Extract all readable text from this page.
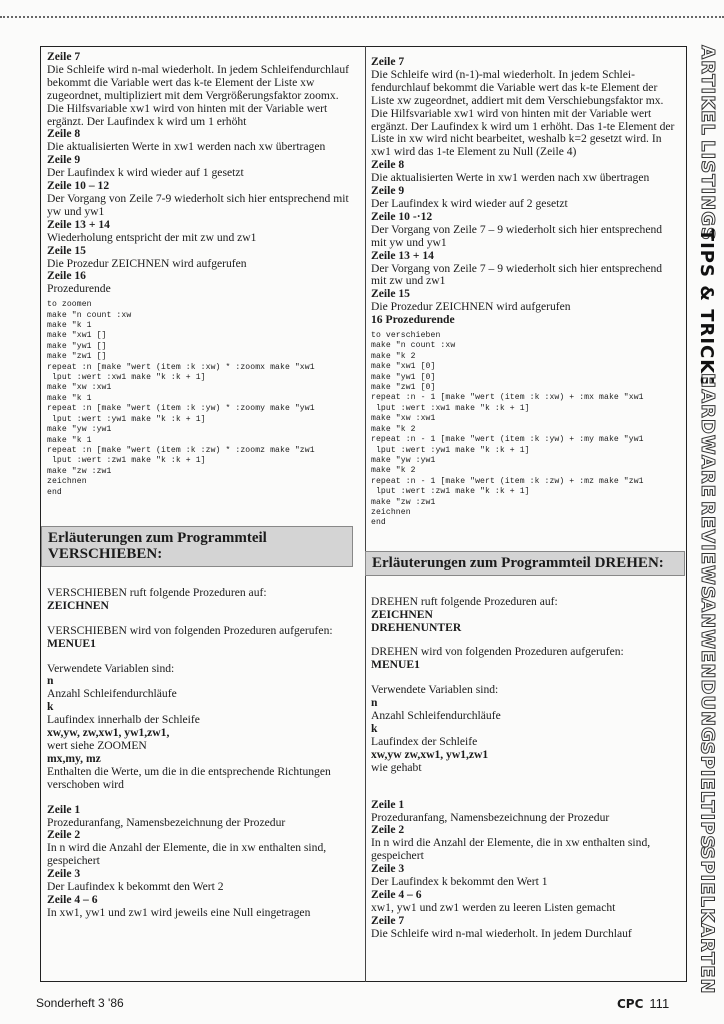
Zeile 7

Die Schleife wird n-mal wiederholt. In jedem Schleifendurchlauf bekommt die Variable wert das k-te Element der Liste xw zugeordnet, multipliziert mit dem Vergrößerungsfaktor zoomx. Die Hilfsvariable xw1 wird von hinten mit der Variable wert ergänzt. Der Laufindex k wird um 1 erhöht

Zeile 8

Die aktualisierten Werte in xw1 werden nach xw übertragen

Zeile 9

Der Laufindex k wird wieder auf 1 gesetzt

Zeile 10 – 12

Der Vorgang von Zeile 7-9 wiederholt sich hier entsprechend mit yw und yw1

Zeile 13 + 14

Wiederholung entspricht der mit zw und zw1

Zeile 15

Die Prozedur ZEICHNEN wird aufgerufen

Zeile 16

Prozedurende

to zoomen
make "n count :xw
make "k 1
make "xw1 []
make "yw1 []
make "zw1 []
repeat :n [make "wert (item :k :xw) * :zoomx make "xw1
lput :wert :xw1 make "k :k + 1]
make "xw :xw1
make "k 1
repeat :n [make "wert (item :k :yw) * :zoomy make "yw1
lput :wert :yw1 make "k :k + 1]
make "yw :yw1
make "k 1
repeat :n [make "wert (item :k :zw) * :zoomz make "zw1
lput :wert :zw1 make "k :k + 1]
make "zw :zw1
zeichnen
end
Erläuterungen zum Programmteil
VERSCHIEBEN:

VERSCHIEBEN ruft folgende Prozeduren auf:

ZEICHNEN

VERSCHIEBEN wird von folgenden Prozeduren aufgerufen:

MENUE1

Verwendete Variablen sind:

n

Anzahl Schleifendurchläufe

k

Laufindex innerhalb der Schleife

xw,yw, zw,xw1, yw1,zw1,

wert siehe ZOOMEN

mx,my, mz

Enthalten die Werte, um die in die entsprechende Richtungen verschoben wird

Zeile 1

Prozeduranfang, Namensbezeichnung der Prozedur

Zeile 2

In n wird die Anzahl der Elemente, die in xw enthalten sind, gespeichert

Zeile 3

Der Laufindex k bekommt den Wert 2

Zeile 4 – 6

In xw1, yw1 und zw1 wird jeweils eine Null eingetragen

Zeile 7

Die Schleife wird (n-1)-mal wiederholt. In jedem Schleifendurchlauf bekommt die Variable wert das k-te Element der Liste xw zugeordnet, addiert mit dem Verschiebungsfaktor mx. Die Hilfsvariable xw1 wird von hinten mit der Variable wert ergänzt. Der Laufindex k wird um 1 erhöht. Das 1-te Element der Liste in xw wird nicht bearbeitet, weshalb k=2 gesetzt wird. In xw1 wird das 1-te Element zu Null (Zeile 4)

Zeile 8

Die aktualisierten Werte in xw1 werden nach xw übertragen

Zeile 9

Der Laufindex k wird wieder auf 2 gesetzt

Zeile 10 -·12

Der Vorgang von Zeile 7 – 9 wiederholt sich hier entsprechend mit yw und yw1

Zeile 13 + 14

Der Vorgang von Zeile 7 – 9 wiederholt sich hier entsprechend mit zw und zw1

Zeile 15

Die Prozedur ZEICHNEN wird aufgerufen

16 Prozedurende

to verschieben
make "n count :xw
make "k 2
make "xw1 [0]
make "yw1 [0]
make "zw1 [0]
repeat :n - 1 [make "wert (item :k :xw) + :mx make "xw1
lput :wert :xw1 make "k :k + 1]
make "xw :xw1
make "k 2
repeat :n - 1 [make "wert (item :k :yw) + :my make "yw1
lput :wert :yw1 make "k :k + 1]
make "yw :yw1
make "k 2
repeat :n - 1 [make "wert (item :k :zw) + :mz make "zw1
lput :wert :zw1 make "k :k + 1]
make "zw :zw1
zeichnen
end
Erläuterungen zum Programmteil DREHEN:

DREHEN ruft folgende Prozeduren auf:

ZEICHNEN

DREHENUNTER

DREHEN wird von folgenden Prozeduren aufgerufen:

MENUE1

Verwendete Variablen sind:

n

Anzahl Schleifendurchläufe

k

Laufindex der Schleife

xw,yw zw,xw1, yw1,zw1

wie gehabt

Zeile 1

Prozeduranfang, Namensbezeichnung der Prozedur

Zeile 2

In n wird die Anzahl der Elemente, die in xw enthalten sind, gespeichert

Zeile 3

Der Laufindex k bekommt den Wert 1

Zeile 4 – 6

xw1, yw1 und zw1 werden zu leeren Listen gemacht

Zeile 7

Die Schleife wird n-mal wiederholt. In jedem Durchlauf

ARTIKEL
LISTINGS
TIPS & TRICKS
HARDWARE
REVIEWS
ANWENDUNG
SPIELTIPS
SPIELKARTEN
Sonderheft 3 '86	CPC 111
